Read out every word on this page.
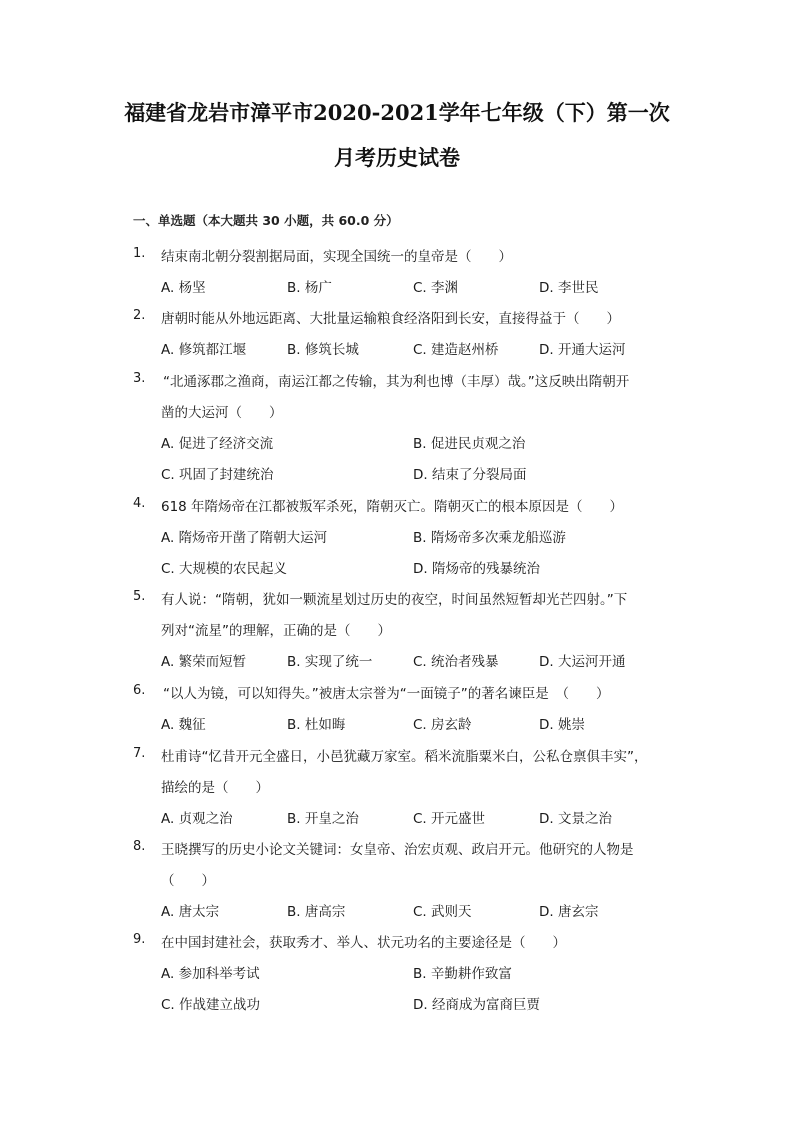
福建省龙岩市漳平市2020-2021学年七年级（下）第一次
月考历史试卷
一、单选题（本大题共 30 小题，共 60.0 分）
1. 结束南北朝分裂割据局面，实现全国统一的皇帝是（　　）
A. 杨坚	B. 杨广	C. 李渊	D. 李世民
2. 唐朝时能从外地远距离、大批量运输粮食经洛阳到长安，直接得益于（　　）
A. 修筑都江堰	B. 修筑长城	C. 建造赵州桥	D. 开通大运河
3. “北通涿郡之渔商，南运江都之传输，其为利也博（丰厚）哉。”这反映出隋朝开
凿的大运河（　　）
A. 促进了经济交流	B. 促进民贞观之治
C. 巩固了封建统治	D. 结束了分裂局面
4. 618 年隋炀帝在江都被叛军杀死，隋朝灭亡。隋朝灭亡的根本原因是（　　）
A. 隋炀帝开凿了隋朝大运河	B. 隋炀帝多次乘龙船巡游
C. 大规模的农民起义	D. 隋炀帝的残暴统治
5. 有人说：“隋朝，犹如一颗流星划过历史的夜空，时间虽然短暂却光芒四射。”下
列对“流星”的理解，正确的是（　　）
A. 繁荣而短暂	B. 实现了统一	C. 统治者残暴	D. 大运河开通
6. “以人为镜，可以知得失。”被唐太宗誉为“一面镜子”的著名谏臣是　（　　）
A. 魏征	B. 杜如晦	C. 房玄龄	D. 姚崇
7. 杜甫诗“忆昔开元全盛日，小邑犹藏万家室。稻米流脂粟米白，公私仓禀俱丰实”，
描绘的是（　　）
A. 贞观之治	B. 开皇之治	C. 开元盛世	D. 文景之治
8. 王晓撰写的历史小论文关键词：女皇帝、治宏贞观、政启开元。他研究的人物是
（　　）
A. 唐太宗	B. 唐高宗	C. 武则天	D. 唐玄宗
9. 在中国封建社会，获取秀才、举人、状元功名的主要途径是（　　）
A. 参加科举考试	B. 辛勤耕作致富
C. 作战建立战功	D. 经商成为富商巨贾
